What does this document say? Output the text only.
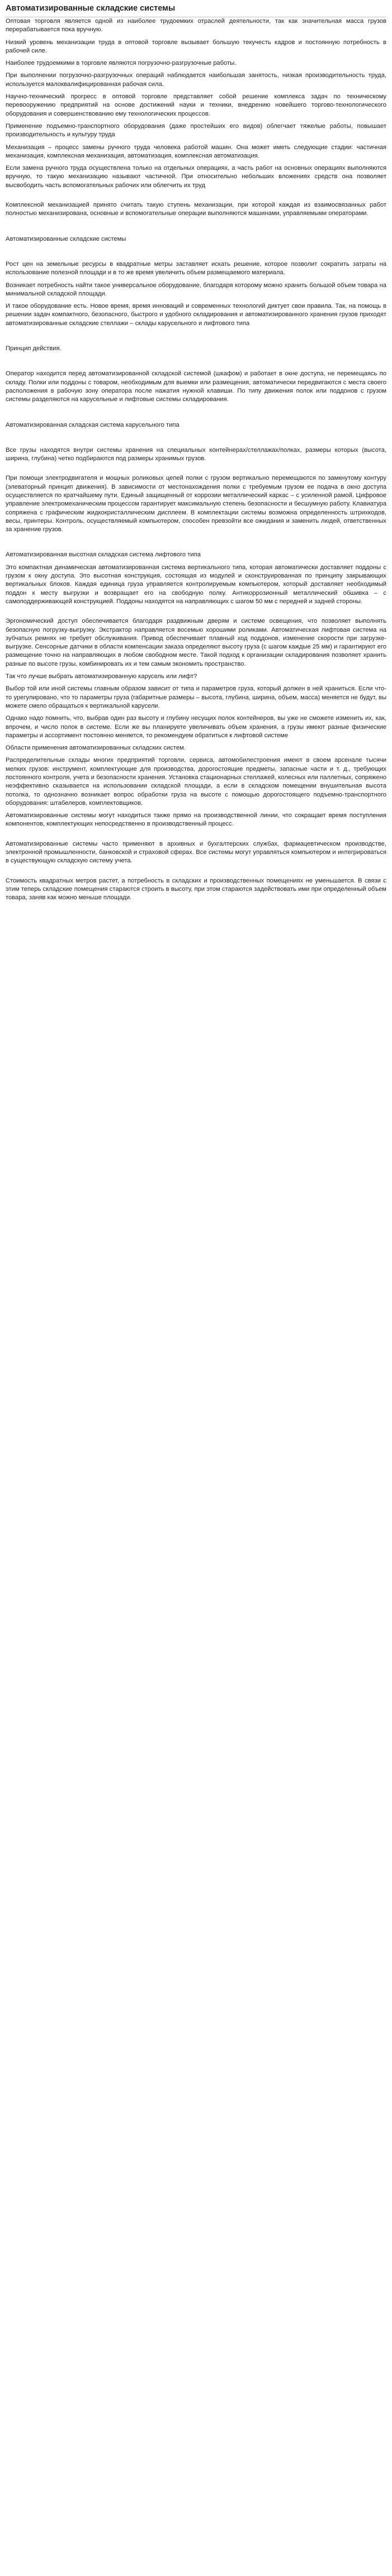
Автоматизированные складские системы

Оптовая торговля является одной из наиболее трудоемких отраслей деятельности, так как значительная масса грузов перерабатывается пока вручную.

Низкий уровень механизации труда в оптовой торговле вызывает большую текучесть кадров и постоянную потребность в рабочей силе.

Наиболее трудоемкими в торговле являются погрузочно-разгрузочные работы.

При выполнении погрузочно-разгрузочных операций наблюдается наибольшая занятость, низкая производительность труда, используется малоквалифицированная рабочая сила.

Научно-технический прогресс в оптовой торговле представляет собой решение комплекса задач по техническому перевооружению предприятий на основе достижений науки и техники, внедрению новейшего торгово-технологического оборудования и совершенствованию ему технологических процессов.

Применение подъемно-транспортного оборудования (даже простейших его видов) облегчает тяжелые работы, повышает производительность и культуру труда

Механизация – процесс замены ручного труда человека работой машин. Она может иметь следующие стадии: частичная механизация, комплексная механизация, автоматизация, комплексная автоматизация.

Если замена ручного труда осуществлена только на отдельных операциях, а часть работ на основных операциях выполняются вручную, то такую механизацию называют частичной. При относительно небольших вложениях средств она позволяет высвободить часть вспомогательных рабочих или облегчить их труд

Комплексной механизацией принято считать такую ступень механизации, при которой каждая из взаимосвязанных работ полностью механизирована, основные и вспомогательные операции выполняются машинами, управляемыми операторами.

Автоматизированные складские системы

Рост цен на земельные ресурсы в квадратные метры заставляет искать решение, которое позволит сократить затраты на использование полезной площади и в то же время увеличить объем размещаемого материала.

Возникает потребность найти такое универсальное оборудование, благодаря которому можно хранить большой объем товара на минимальной складской площади.

И такое оборудование есть. Новое время, время инноваций и современных технологий диктует свои правила. Так, на помощь в решении задач компактного, безопасного, быстрого и удобного складирования и автоматизированного хранения грузов приходят автоматизированные складские стеллажи – склады карусельного и лифтового типа

Принцип действия.

Оператор находится перед автоматизированной складской системой (шкафом) и работает в окне доступа, не перемещаясь по складу. Полки или поддоны с товаром, необходимым для выемки или размещения, автоматически передвигаются с места своего расположения в рабочую зону оператора после нажатия нужной клавиши. По типу движения полок или поддонов с грузом системы разделяются на карусельные и лифтовые системы складирования.

Автоматизированная складская система карусельного типа

Все грузы находятся внутри системы хранения на специальных контейнерах/стеллажах/полках, размеры которых (высота, ширина, глубина) четко подбираются под размеры хранимых грузов.

При помощи электродвигателя и мощных роликовых цепей полки с грузом вертикально перемещаются по замкнутому контуру (элеваторный принцип движения). В зависимости от местонахождения полки с требуемым грузом ее подача в окно доступа осуществляется по кратчайшему пути. Единый защищенный от коррозии металлический каркас – с усиленной рамой. Цифровое управление электромеханическим процессом гарантирует максимальную степень безопасности и бесшумную работу. Клавиатура сопряжена с графическим жидкокристаллическим дисплеем. В комплектации системы возможна определенность штрихкодов, весы, принтеры. Контроль, осуществляемый компьютером, способен превзойти все ожидания и заменить людей, ответственных за хранение грузов.

Автоматизированная высотная складская система лифтового типа

Это компактная динамическая автоматизированная система вертикального типа, которая автоматически доставляет поддоны с грузом к окну доступа. Это высотная конструкция, состоящая из модулей и сконструированная по принципу закрывающих вертикальных блоков. Каждая единица груза управляется контролируемым компьютером, который доставляет необходимый поддон к месту выгрузки и возвращает его на свободную полку. Антикоррозионный металлический обшивка – с самоподдерживающей конструкцией. Поддоны находятся на направляющих с шагом 50 мм с передней и задней стороны.

Эргономический доступ обеспечивается благодаря раздвижным дверям и системе освещения, что позволяет выполнять безопасную погрузку-выгрузку. Экстрактор направляется восемью хорошими роликами. Автоматическая лифтовая система на зубчатых ремнях не требует обслуживания. Привод обеспечивает плавный ход поддонов, изменение скорости при загрузке-выгрузке. Сенсорные датчики в области компенсации заказа определяют высоту груза (с шагом каждые 25 мм) и гарантируют его размещение точно на направляющих в любом свободном месте. Такой подход к организации складирования позволяет хранить разные по высоте грузы, комбинировать их и тем самым экономить пространство.

Так что лучше выбрать автоматизированную карусель или лифт?

Выбор той или иной системы главным образом зависит от типа и параметров груза, который должен в ней храниться. Если что-то урегулировано, что то параметры груза (габаритные размеры – высота, глубина, ширина, объем, масса) меняется не будут, вы можете смело обращаться к вертикальной карусели.

Однако надо помнить, что, выбрав один раз высоту и глубину несущих полок контейнеров, вы уже не сможете изменить их, как, впрочем, и число полок в системе. Если же вы планируете увеличивать объем хранения, а грузы имеют разные физические параметры и ассортимент постоянно меняется, то рекомендуем обратиться к лифтовой системе

Области применения автоматизированных складских систем.

Распределительные склады многих предприятий торговли, сервиса, автомобилестроения имеют в своем арсенале тысячи мелких грузов: инструмент, комплектующие для производства, дорогостоящие предметы, запасные части и т. д., требующих постоянного контроля, учета и безопасности хранения. Установка стационарных стеллажей, колесных или паллетных, сопряжено неэффективно сказывается на использовании складской площади, а если в складском помещении внушительная высота потолка, то однозначно возникает вопрос обработки груза на высоте с помощью дорогостоящего подъемно-транспортного оборудования: штабелеров, комплектовщиков.

Автоматизированные системы могут находиться также прямо на производственной линии, что сокращает время поступления компонентов, комплектующих непосредственно в производственный процесс.

Автоматизированные системы часто применяют в архивных и бухгалтерских службах, фармацевтическом производстве, электронной промышленности, банковской и страховой сферах. Все системы могут управляться компьютером и интегрироваться в существующую складскую систему учета.

Стоимость квадратных метров растет, а потребность в складских и производственных помещениях не уменьшается. В связи с этим теперь складские помещения стараются строить в высоту, при этом стараются задействовать ими при определенный объем товара, заняв как можно меньше площади.
